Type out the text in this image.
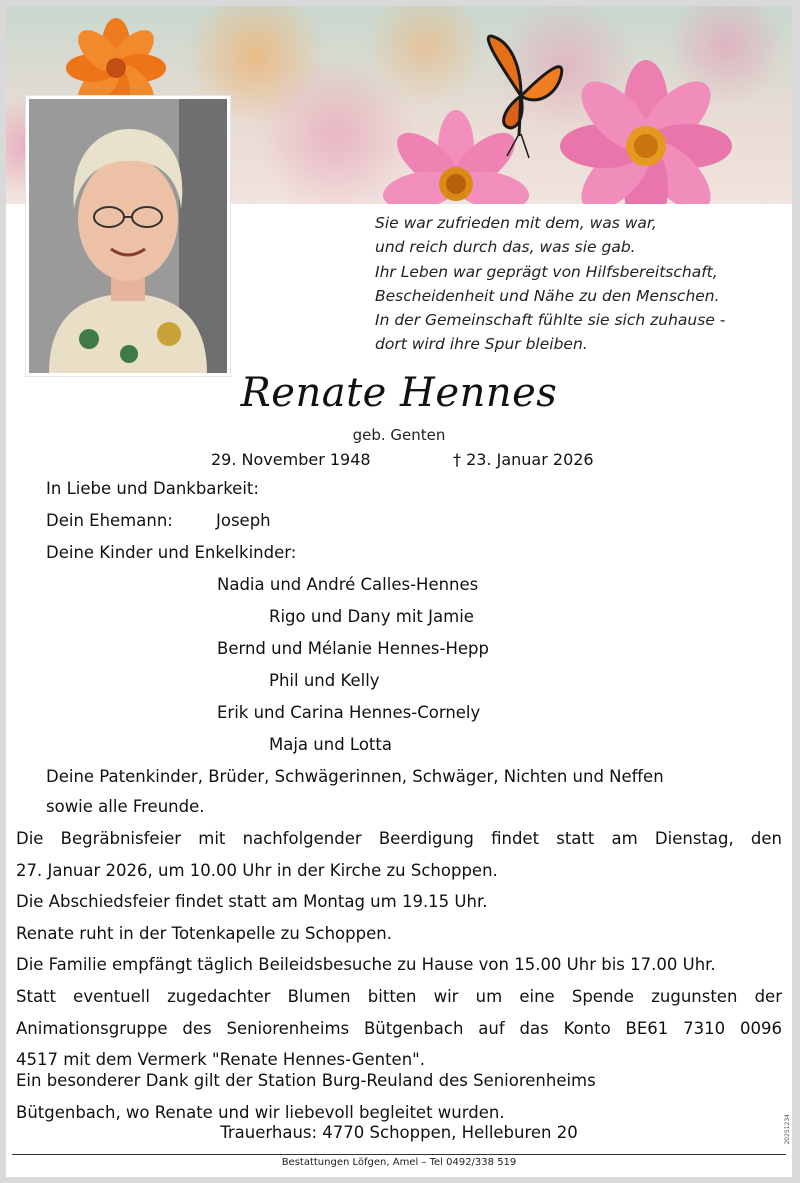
Sie war zufrieden mit dem, was war,
und reich durch das, was sie gab.
Ihr Leben war geprägt von Hilfsbereitschaft,
Bescheidenheit und Nähe zu den Menschen.
In der Gemeinschaft fühlte sie sich zuhause -
dort wird ihre Spur bleiben.
Renate Hennes
geb. Genten
29. November 1948	† 23. Januar 2026
In Liebe und Dankbarkeit:
Dein Ehemann:	Joseph
Deine Kinder und Enkelkinder:
Nadia und André Calles-Hennes
Rigo und Dany mit Jamie
Bernd und Mélanie Hennes-Hepp
Phil und Kelly
Erik und Carina Hennes-Cornely
Maja und Lotta
Deine Patenkinder, Brüder, Schwägerinnen, Schwäger, Nichten und Neffen
sowie alle Freunde.
Die Begräbnisfeier mit nachfolgender Beerdigung findet statt am Dienstag, den
27. Januar 2026, um 10.00 Uhr in der Kirche zu Schoppen.
Die Abschiedsfeier findet statt am Montag um 19.15 Uhr.
Renate ruht in der Totenkapelle zu Schoppen.
Die Familie empfängt täglich Beileidsbesuche zu Hause von 15.00 Uhr bis 17.00 Uhr.
Statt eventuell zugedachter Blumen bitten wir um eine Spende zugunsten der
Animationsgruppe des Seniorenheims Bütgenbach auf das Konto BE61 7310 0096
4517 mit dem Vermerk "Renate Hennes-Genten".
Ein besonderer Dank gilt der Station Burg-Reuland des Seniorenheims
Bütgenbach, wo Renate und wir liebevoll begleitet wurden.
Trauerhaus: 4770 Schoppen, Helleburen 20
Bestattungen Löfgen, Amel – Tel 0492/338 519
20251234
